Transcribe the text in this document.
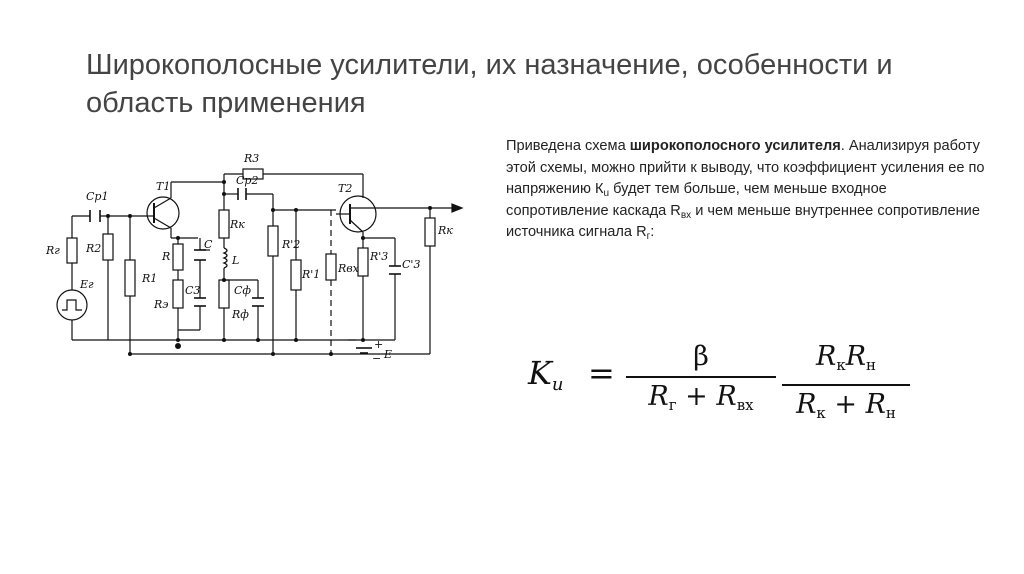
Широкополосные усилители, их назначение, особенности и область применения

Приведена схема широкополосного усилителя. Анализируя работу этой схемы, можно прийти к выводу, что коэффициент усиления ее по напряжению $К_u$ будет тем больше, чем меньше входное сопротивление каскада $R_{вх}$ и чем меньше внутреннее сопротивление источника сигнала $R_г$:

R3
Cp1
T1	Cp2
T2
Rк
Rг R2
R
C
L
R1
C3
Rэ
Cф
Rф
R'2
R'1 Rвх
R'3
C'3
Rк
Eг
E
+
−	$K_u$ =	β
$R_г + R_{вх}$
$R_кR_н$
$R_к + R_н$
